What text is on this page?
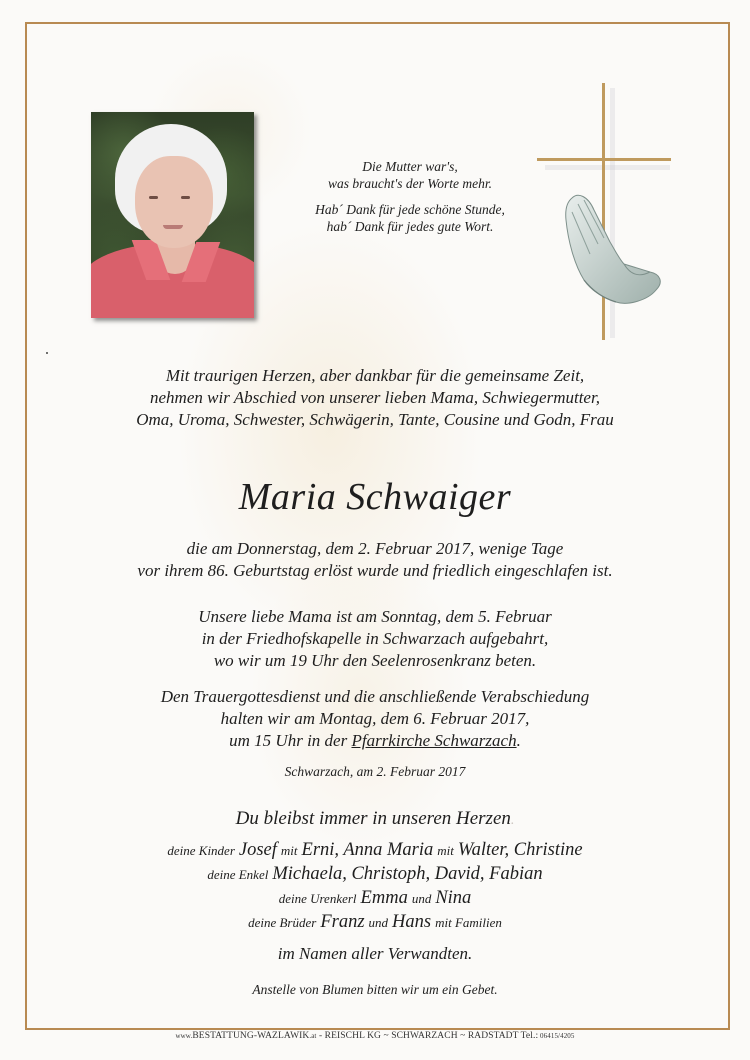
Die Mutter war's,
was braucht's der Worte mehr.
Hab´ Dank für jede schöne Stunde,
hab´ Dank für jedes gute Wort.
Mit traurigen Herzen, aber dankbar für die gemeinsame Zeit,
nehmen wir Abschied von unserer lieben Mama, Schwiegermutter,
Oma, Uroma, Schwester, Schwägerin, Tante, Cousine und Godn, Frau
Maria Schwaiger
die am Donnerstag, dem 2. Februar 2017, wenige Tage
vor ihrem 86. Geburtstag erlöst wurde und friedlich eingeschlafen ist.
Unsere liebe Mama ist am Sonntag, dem 5. Februar
in der Friedhofskapelle in Schwarzach aufgebahrt,
wo wir um 19 Uhr den Seelenrosenkranz beten.
Den Trauergottesdienst und die anschließende Verabschiedung
halten wir am Montag, dem 6. Februar 2017,
um 15 Uhr in der Pfarrkirche Schwarzach.
Schwarzach, am 2. Februar 2017
Du bleibst immer in unseren Herzen.
deine Kinder Josef mit Erni, Anna Maria mit Walter, Christine
deine Enkel Michaela, Christoph, David, Fabian
deine Urenkerl Emma und Nina
deine Brüder Franz und Hans mit Familien
im Namen aller Verwandten.
Anstelle von Blumen bitten wir um ein Gebet.
www.BESTATTUNG-WAZLAWIK.at - REISCHL KG ~ SCHWARZACH ~ RADSTADT Tel.: 06415/4205
